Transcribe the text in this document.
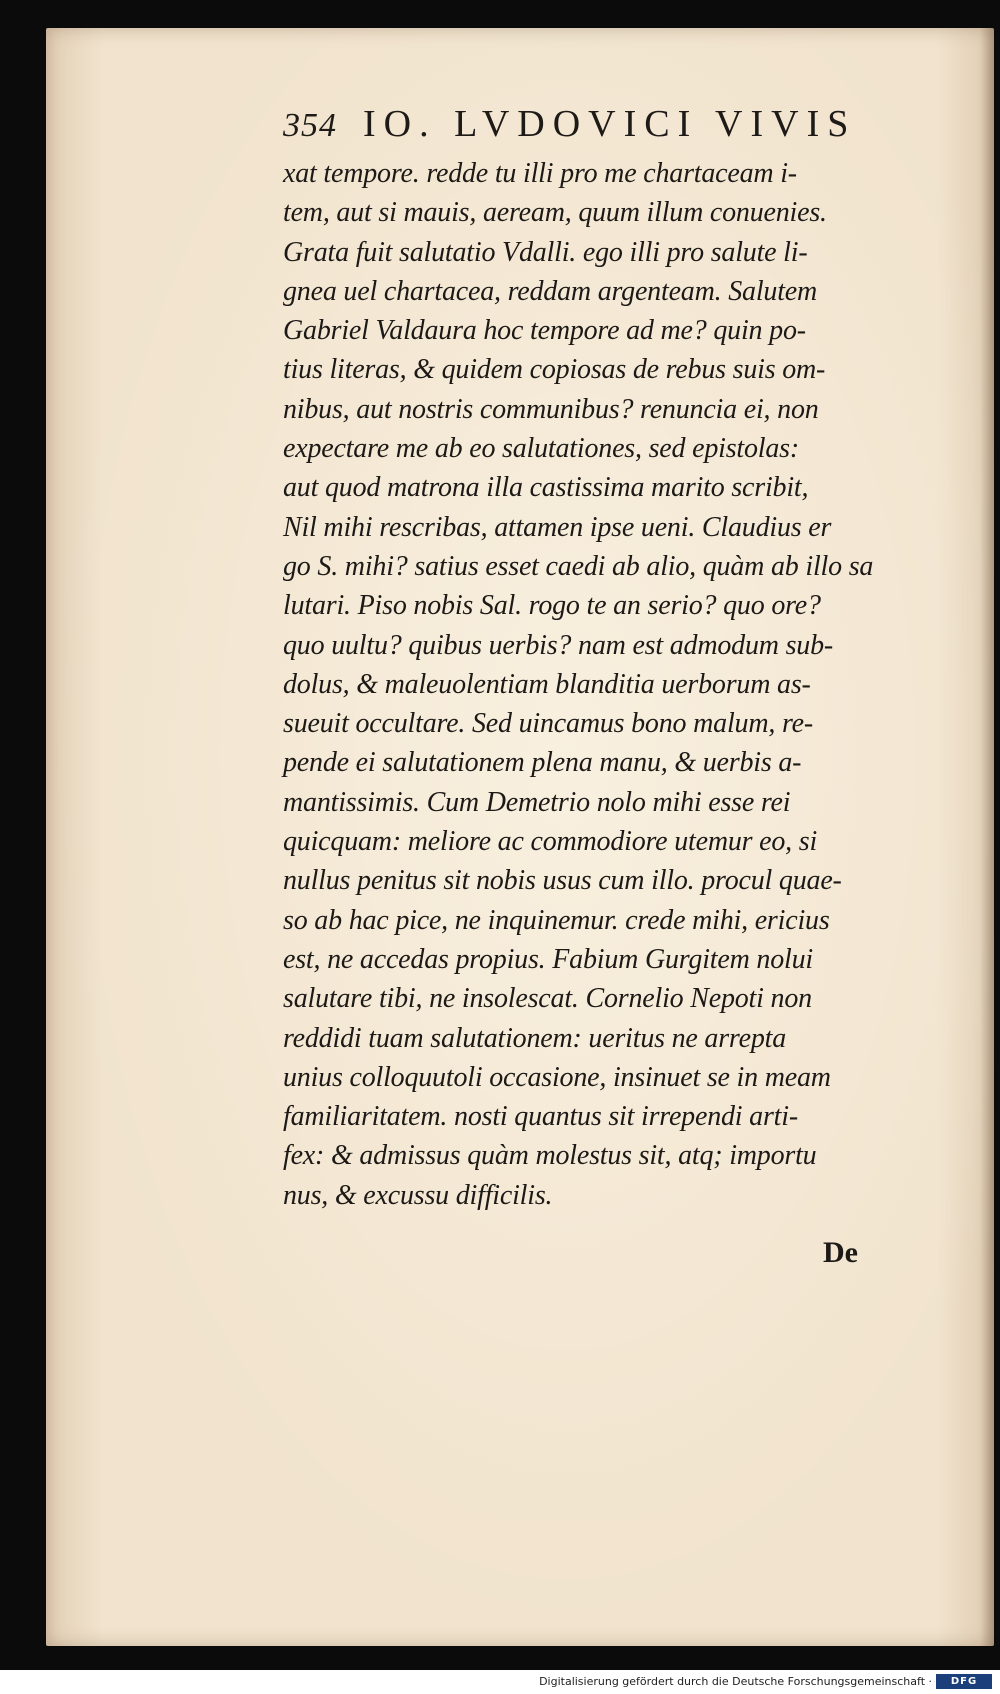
354 IO. LVDOVICI VIVIS
xat tempore. redde tu illi pro me chartaceam i-
tem, aut si mauis, aeream, quum illum conuenies.
Grata fuit salutatio Vdalli. ego illi pro salute li-
gnea uel chartacea, reddam argenteam. Salutem
Gabriel Valdaura hoc tempore ad me? quin po-
tius literas, & quidem copiosas de rebus suis om-
nibus, aut nostris communibus? renuncia ei, non
expectare me ab eo salutationes, sed epistolas:
aut quod matrona illa castissima marito scribit,
Nil mihi rescribas, attamen ipse ueni. Claudius er
go S. mihi? satius esset caedi ab alio, quàm ab illo sa
lutari. Piso nobis Sal. rogo te an serio? quo ore?
quo uultu? quibus uerbis? nam est admodum sub-
dolus, & maleuolentiam blanditia uerborum as-
sueuit occultare. Sed uincamus bono malum, re-
pende ei salutationem plena manu, & uerbis a-
mantissimis. Cum Demetrio nolo mihi esse rei
quicquam: meliore ac commodiore utemur eo, si
nullus penitus sit nobis usus cum illo. procul quae-
so ab hac pice, ne inquinemur. crede mihi, ericius
est, ne accedas propius. Fabium Gurgitem nolui
salutare tibi, ne insolescat. Cornelio Nepoti non
reddidi tuam salutationem: ueritus ne arrepta
unius colloquutoli occasione, insinuet se in meam
familiaritatem. nosti quantus sit irrependi arti-
fex: & admissus quàm molestus sit, atq; importu
nus, & excussu difficilis.
De
Digitalisierung gefördert durch die Deutsche Forschungsgemeinschaft ·	DFG
